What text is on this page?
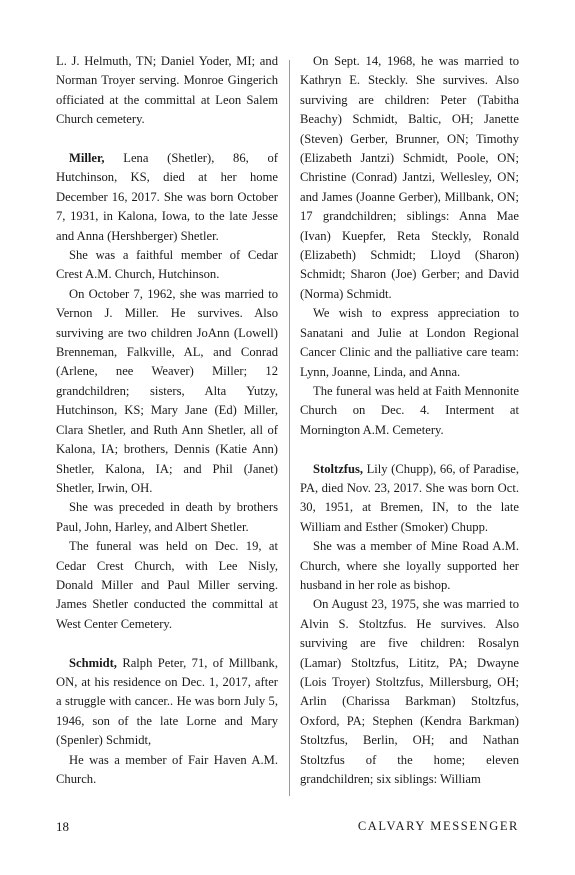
L. J. Helmuth, TN; Daniel Yoder, MI; and Norman Troyer serving. Monroe Gingerich officiated at the committal at Leon Salem Church cemetery.

Miller, Lena (Shetler), 86, of Hutchinson, KS, died at her home December 16, 2017. She was born October 7, 1931, in Kalona, Iowa, to the late Jesse and Anna (Hershberger) Shetler.

She was a faithful member of Cedar Crest A.M. Church, Hutchinson.

On October 7, 1962, she was married to Vernon J. Miller. He survives. Also surviving are two children JoAnn (Lowell) Brenneman, Falkville, AL, and Conrad (Arlene, nee Weaver) Miller; 12 grandchildren; sisters, Alta Yutzy, Hutchinson, KS; Mary Jane (Ed) Miller, Clara Shetler, and Ruth Ann Shetler, all of Kalona, IA; brothers, Dennis (Katie Ann) Shetler, Kalona, IA; and Phil (Janet) Shetler, Irwin, OH.

She was preceded in death by brothers Paul, John, Harley, and Albert Shetler.

The funeral was held on Dec. 19, at Cedar Crest Church, with Lee Nisly, Donald Miller and Paul Miller serving. James Shetler conducted the committal at West Center Cemetery.

Schmidt, Ralph Peter, 71, of Millbank, ON, at his residence on Dec. 1, 2017, after a struggle with cancer.. He was born July 5, 1946, son of the late Lorne and Mary (Spenler) Schmidt,

He was a member of Fair Haven A.M. Church.

On Sept. 14, 1968, he was married to Kathryn E. Steckly. She survives. Also surviving are children: Peter (Tabitha Beachy) Schmidt, Baltic, OH; Janette (Steven) Gerber, Brunner, ON; Timothy (Elizabeth Jantzi) Schmidt, Poole, ON; Christine (Conrad) Jantzi, Wellesley, ON; and James (Joanne Gerber), Millbank, ON; 17 grandchildren; siblings: Anna Mae (Ivan) Kuepfer, Reta Steckly, Ronald (Elizabeth) Schmidt; Lloyd (Sharon) Schmidt; Sharon (Joe) Gerber; and David (Norma) Schmidt.

We wish to express appreciation to Sanatani and Julie at London Regional Cancer Clinic and the palliative care team: Lynn, Joanne, Linda, and Anna.

The funeral was held at Faith Mennonite Church on Dec. 4. Interment at Mornington A.M. Cemetery.

Stoltzfus, Lily (Chupp), 66, of Paradise, PA, died Nov. 23, 2017. She was born Oct. 30, 1951, at Bremen, IN, to the late William and Esther (Smoker) Chupp.

She was a member of Mine Road A.M. Church, where she loyally supported her husband in her role as bishop.

On August 23, 1975, she was married to Alvin S. Stoltzfus. He survives. Also surviving are five children: Rosalyn (Lamar) Stoltzfus, Lititz, PA; Dwayne (Lois Troyer) Stoltzfus, Millersburg, OH; Arlin (Charissa Barkman) Stoltzfus, Oxford, PA; Stephen (Kendra Barkman) Stoltzfus, Berlin, OH; and Nathan Stoltzfus of the home; eleven grandchildren; six siblings: William

18	CALVARY MESSENGER
